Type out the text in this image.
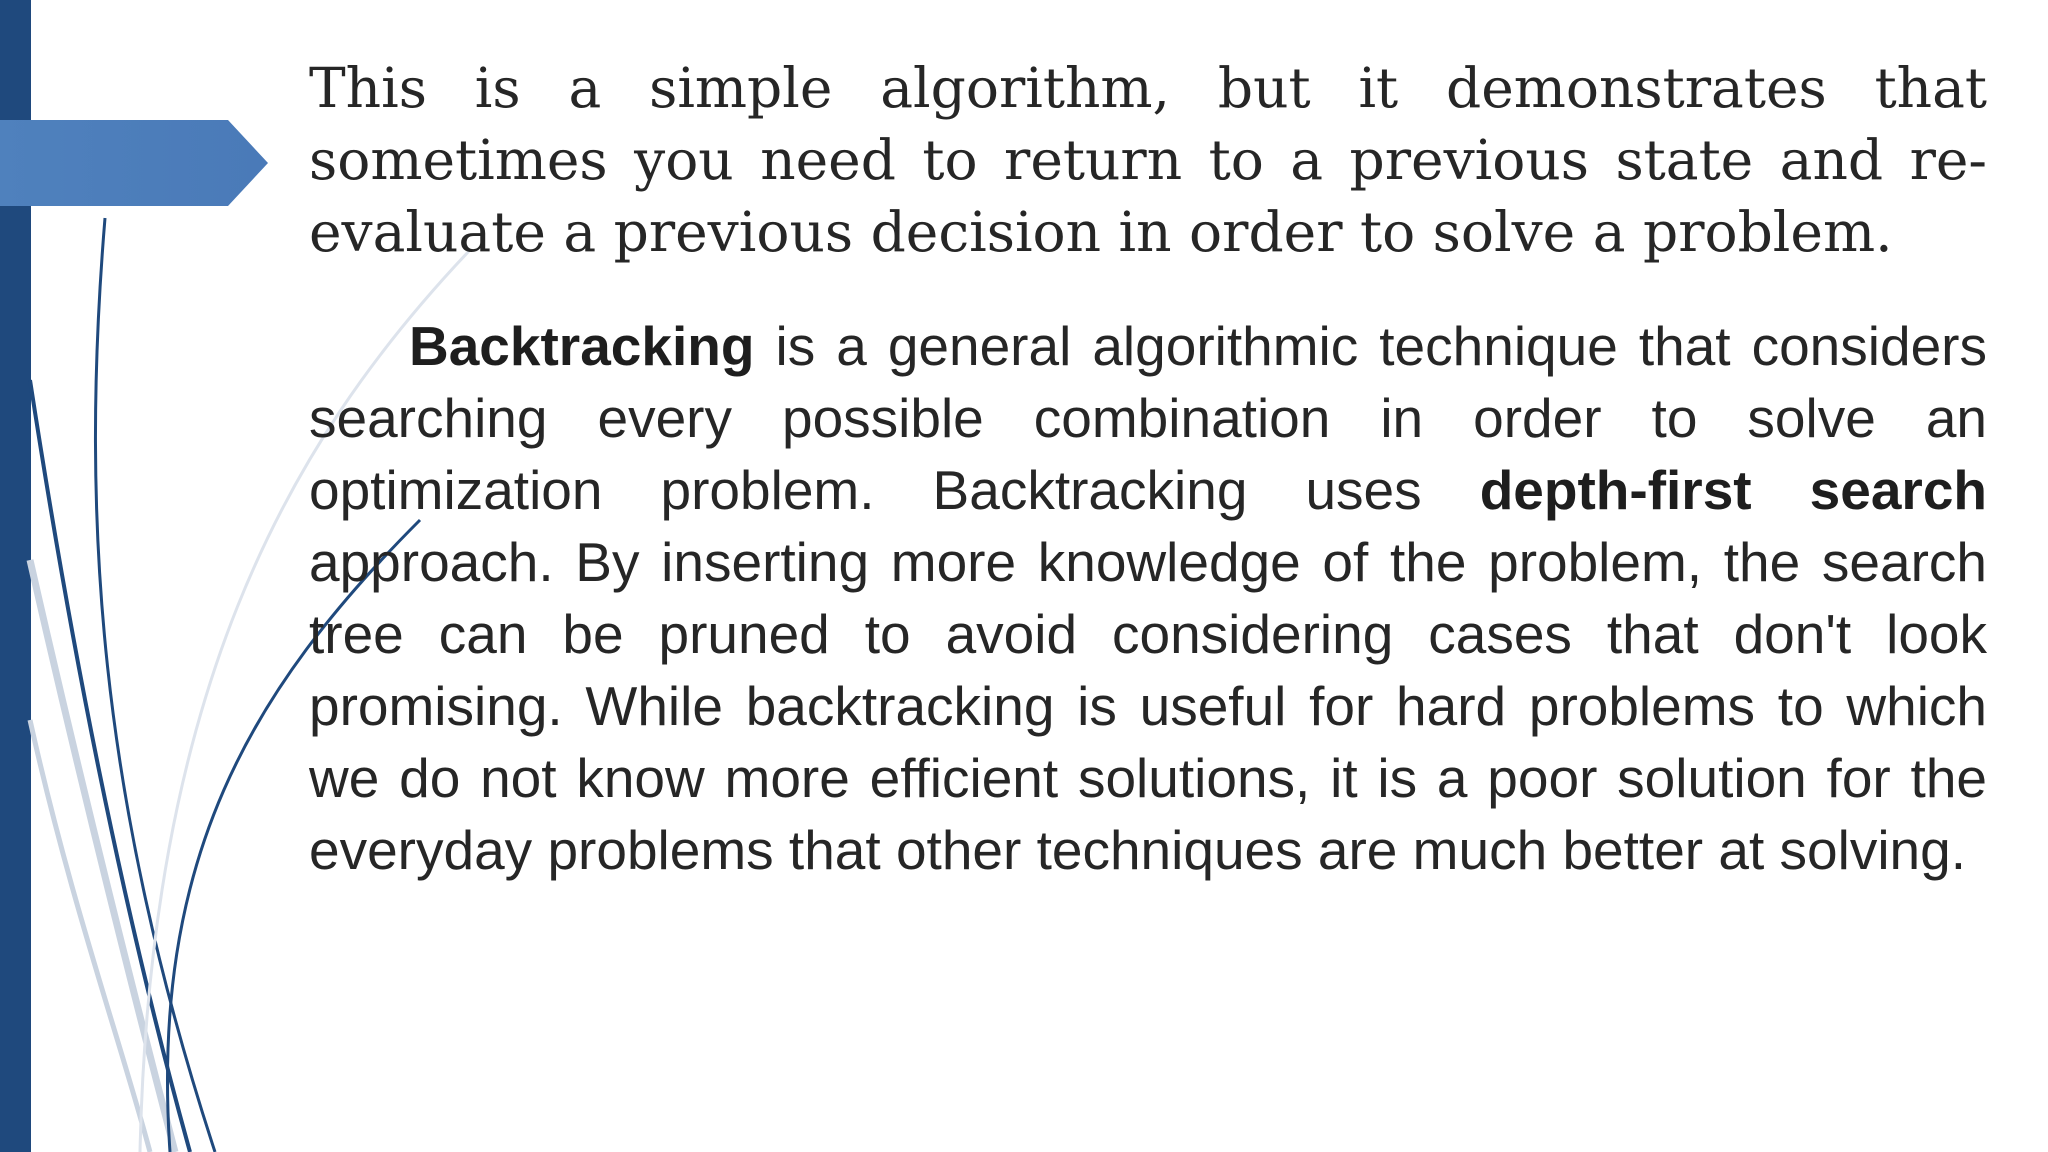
This is a simple algorithm, but it demonstrates that sometimes you need to return to a previous state and re-evaluate a previous decision in order to solve a problem.

Backtracking is a general algorithmic technique that considers searching every possible combination in order to solve an optimization problem. Backtracking uses depth-first search approach. By inserting more knowledge of the problem, the search tree can be pruned to avoid considering cases that don't look promising. While backtracking is useful for hard problems to which we do not know more efficient solutions, it is a poor solution for the everyday problems that other techniques are much better at solving.
